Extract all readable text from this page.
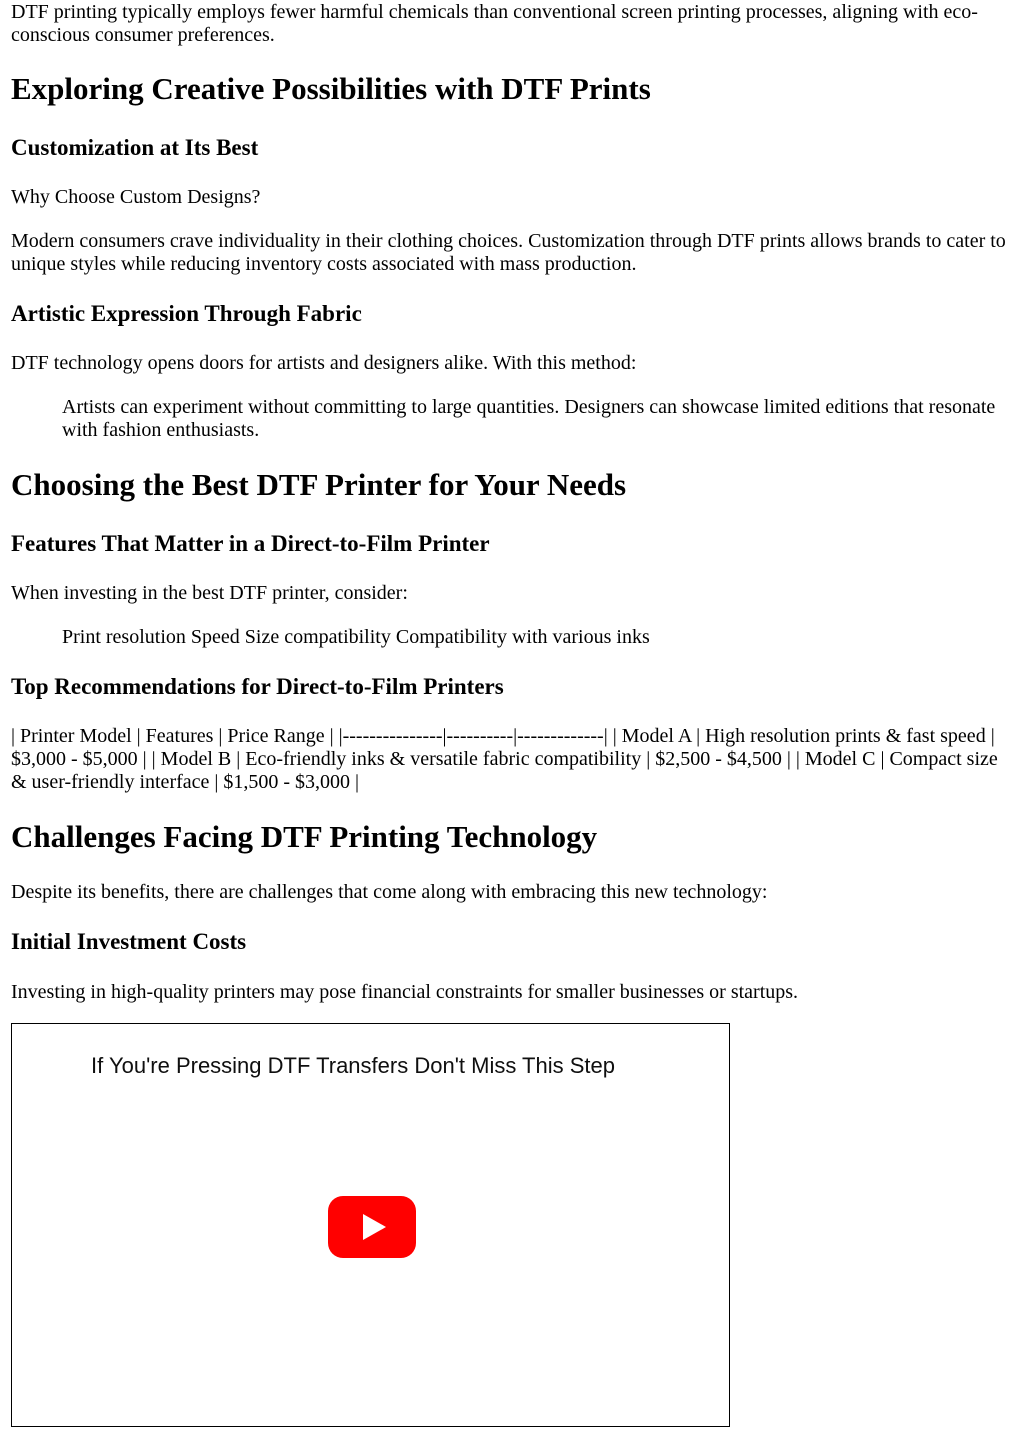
DTF printing typically employs fewer harmful chemicals than conventional screen printing processes, aligning with eco-conscious consumer preferences.

Exploring Creative Possibilities with DTF Prints
Customization at Its Best

Why Choose Custom Designs?

Modern consumers crave individuality in their clothing choices. Customization through DTF prints allows brands to cater to unique styles while reducing inventory costs associated with mass production.

Artistic Expression Through Fabric

DTF technology opens doors for artists and designers alike. With this method:

Artists can experiment without committing to large quantities. Designers can showcase limited editions that resonate with fashion enthusiasts.
Choosing the Best DTF Printer for Your Needs
Features That Matter in a Direct-to-Film Printer

When investing in the best DTF printer, consider:

Print resolution Speed Size compatibility Compatibility with various inks
Top Recommendations for Direct-to-Film Printers

| Printer Model | Features | Price Range | |---------------|----------|-------------| | Model A | High resolution prints & fast speed | $3,000 - $5,000 | | Model B | Eco-friendly inks & versatile fabric compatibility | $2,500 - $4,500 | | Model C | Compact size & user-friendly interface | $1,500 - $3,000 |

Challenges Facing DTF Printing Technology

Despite its benefits, there are challenges that come along with embracing this new technology:

Initial Investment Costs

Investing in high-quality printers may pose financial constraints for smaller businesses or startups.

If You're Pressing DTF Transfers Don't Miss This Step
